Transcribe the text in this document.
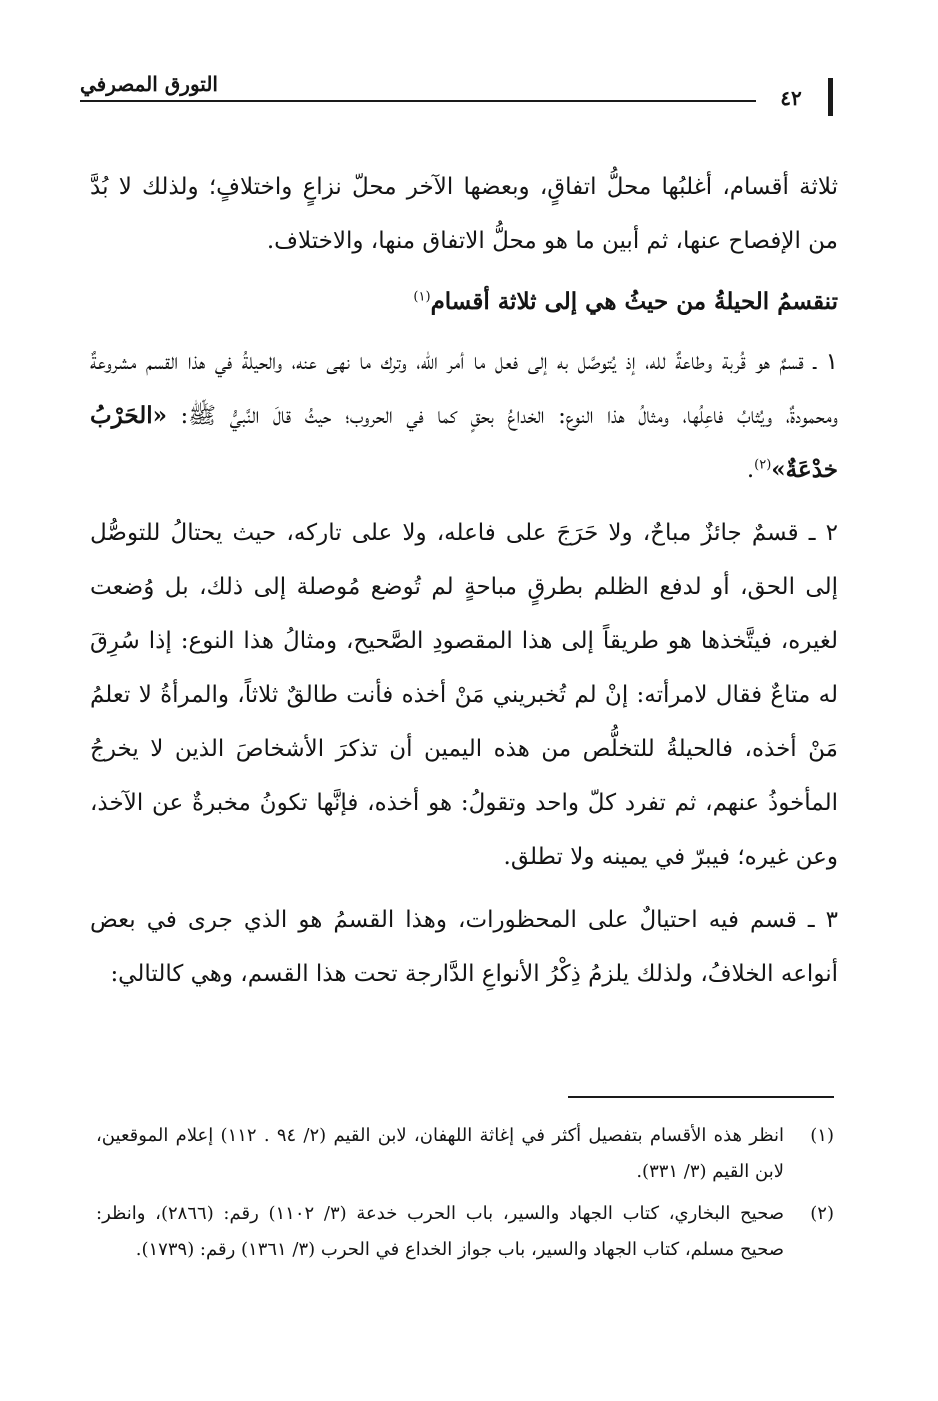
التورق المصرفي
٤٢

ثلاثة أقسام، أغلبُها محلُّ اتفاقٍ، وبعضها الآخر محلّ نزاعٍ واختلافٍ؛ ولذلك لا بُدَّ من الإفصاح عنها، ثم أبين ما هو محلُّ الاتفاق منها، والاختلاف.

تنقسمُ الحيلةُ من حيثُ هي إلى ثلاثة أقسام$^{(١)}$

١ ـ قسمٌ هو قُربة وطاعةٌ لله، إذ يُتوصَّل به إلى فعل ما أمر الله، وترك ما نهى عنه، والحيلةُ في هذا القسم مشروعةٌ ومحمودةٌ، ويُثابُ فاعِلُها، ومثالُ هذا النوع: الخداعُ بحقٍ كما في الحروب؛ حيثُ قالَ النَّبيُّ ﷺ: «الحَرْبُ خدْعَةٌ»$^{(٢)}$.

٢ ـ قسمٌ جائزٌ مباحٌ، ولا حَرَجَ على فاعله، ولا على تاركه، حيث يحتالُ للتوصُّل إلى الحق، أو لدفع الظلم بطرقٍ مباحةٍ لم تُوضع مُوصلة إلى ذلك، بل وُضعت لغيره، فيتَّخذها هو طريقاً إلى هذا المقصودِ الصَّحيح، ومثالُ هذا النوع: إذا سُرِقَ له متاعٌ فقال لامرأته: إنْ لم تُخبريني مَنْ أخذه فأنت طالقٌ ثلاثاً، والمرأةُ لا تعلمُ مَنْ أخذه، فالحيلةُ للتخلُّص من هذه اليمين أن تذكرَ الأشخاصَ الذين لا يخرجُ المأخوذُ عنهم، ثم تفرد كلّ واحد وتقولُ: هو أخذه، فإنَّها تكونُ مخبرةٌ عن الآخذ، وعن غيره؛ فيبرّ في يمينه ولا تطلق.

٣ ـ قسم فيه احتيالٌ على المحظورات، وهذا القسمُ هو الذي جرى في بعض أنواعه الخلافُ، ولذلك يلزمُ ذِكْرُ الأنواعِ الدَّارجة تحت هذا القسم، وهي كالتالي:

(١)
انظر هذه الأقسام بتفصيل أكثر في إغاثة اللهفان، لابن القيم (٢/ ٩٤ . ١١٢) إعلام الموقعين، لابن القيم (٣/ ٣٣١).
(٢)
صحيح البخاري، كتاب الجهاد والسير، باب الحرب خدعة (٣/ ١١٠٢) رقم: (٢٨٦٦)، وانظر: صحيح مسلم، كتاب الجهاد والسير، باب جواز الخداع في الحرب (٣/ ١٣٦١) رقم: (١٧٣٩).
